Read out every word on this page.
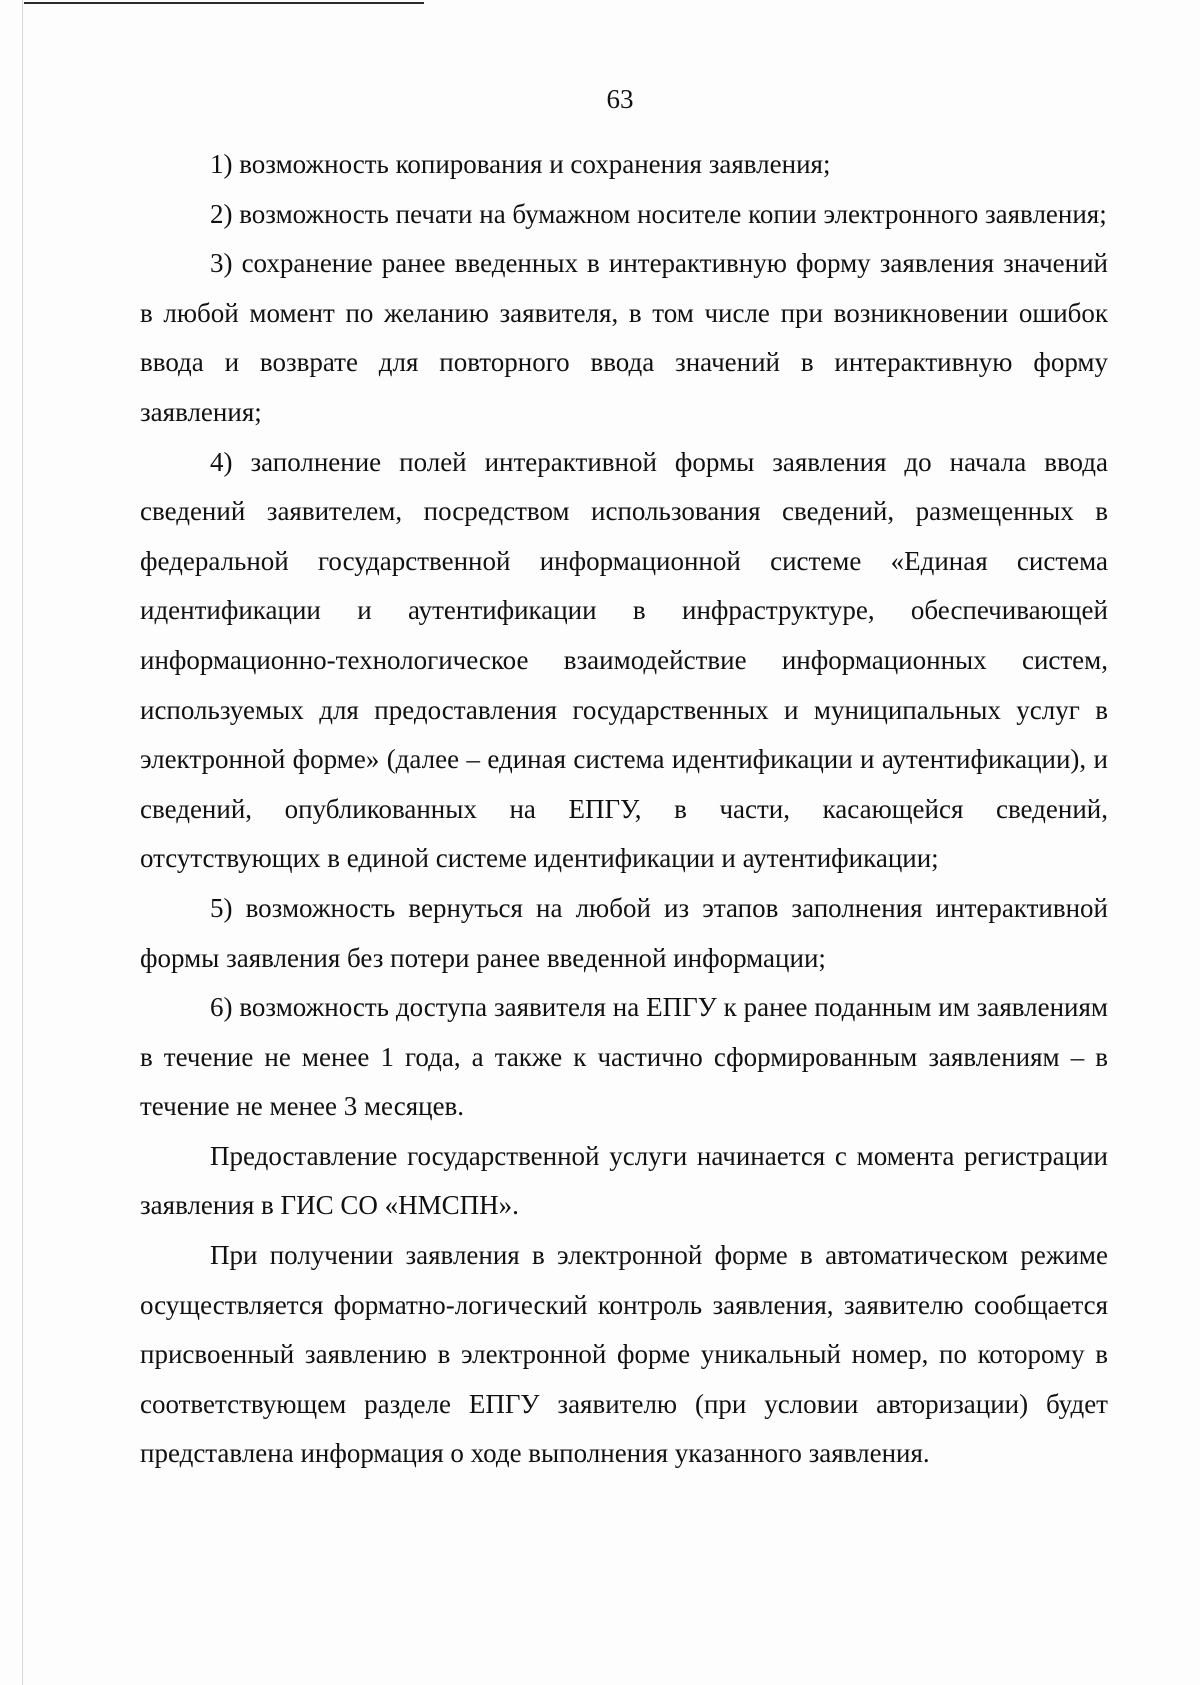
63

1) возможность копирования и сохранения заявления;

2) возможность печати на бумажном носителе копии электронного заявления;

3) сохранение ранее введенных в интерактивную форму заявления значений в любой момент по желанию заявителя, в том числе при возникновении ошибок ввода и возврате для повторного ввода значений в интерактивную форму заявления;

4) заполнение полей интерактивной формы заявления до начала ввода сведений заявителем, посредством использования сведений, размещенных в федеральной государственной информационной системе «Единая система идентификации и аутентификации в инфраструктуре, обеспечивающей информационно-технологическое взаимодействие информационных систем, используемых для предоставления государственных и муниципальных услуг в электронной форме» (далее – единая система идентификации и аутентификации), и сведений, опубликованных на ЕПГУ, в части, касающейся сведений, отсутствующих в единой системе идентификации и аутентификации;

5) возможность вернуться на любой из этапов заполнения интерактивной формы заявления без потери ранее введенной информации;

6) возможность доступа заявителя на ЕПГУ к ранее поданным им заявлениям в течение не менее 1 года, а также к частично сформированным заявлениям – в течение не менее 3 месяцев.

Предоставление государственной услуги начинается с момента регистрации заявления в ГИС СО «НМСПН».

При получении заявления в электронной форме в автоматическом режиме осуществляется форматно-логический контроль заявления, заявителю сообщается присвоенный заявлению в электронной форме уникальный номер, по которому в соответствующем разделе ЕПГУ заявителю (при условии авторизации) будет представлена информация о ходе выполнения указанного заявления.
